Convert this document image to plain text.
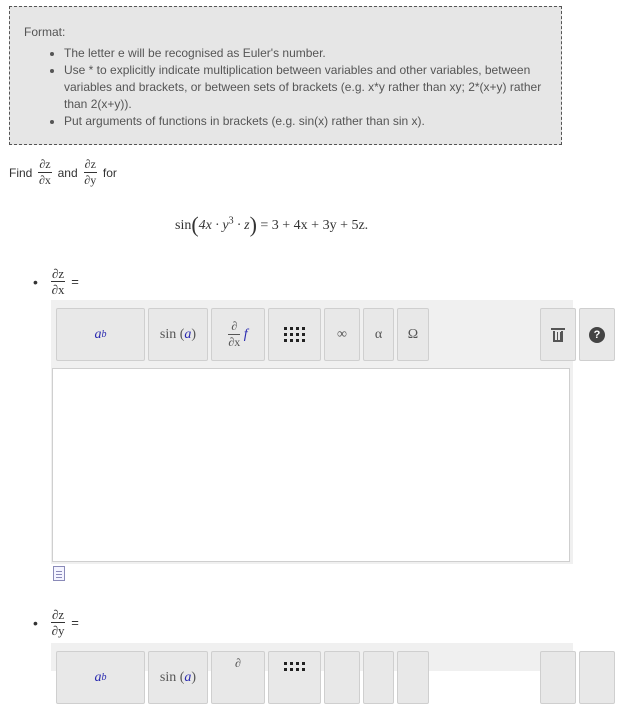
Format:
• The letter e will be recognised as Euler's number.
• Use * to explicitly indicate multiplication between variables and other variables, between variables and brackets, or between sets of brackets (e.g. x*y rather than xy; 2*(x+y) rather than 2(x+y)).
• Put arguments of functions in brackets (e.g. sin(x) rather than sin x).
Find $\frac{\partial z}{\partial x}$ and $\frac{\partial z}{\partial y}$ for
$\sin(4x \cdot y^3 \cdot z) = 3 + 4x + 3y + 5z$.
•	$\frac{\partial z}{\partial x}$ =
a b	sin ( a )	$\frac{\partial}{\partial x}$
f	∞	α	Ω	?
•	$\frac{\partial z}{\partial y}$ =
a b	sin ( a )
∂
